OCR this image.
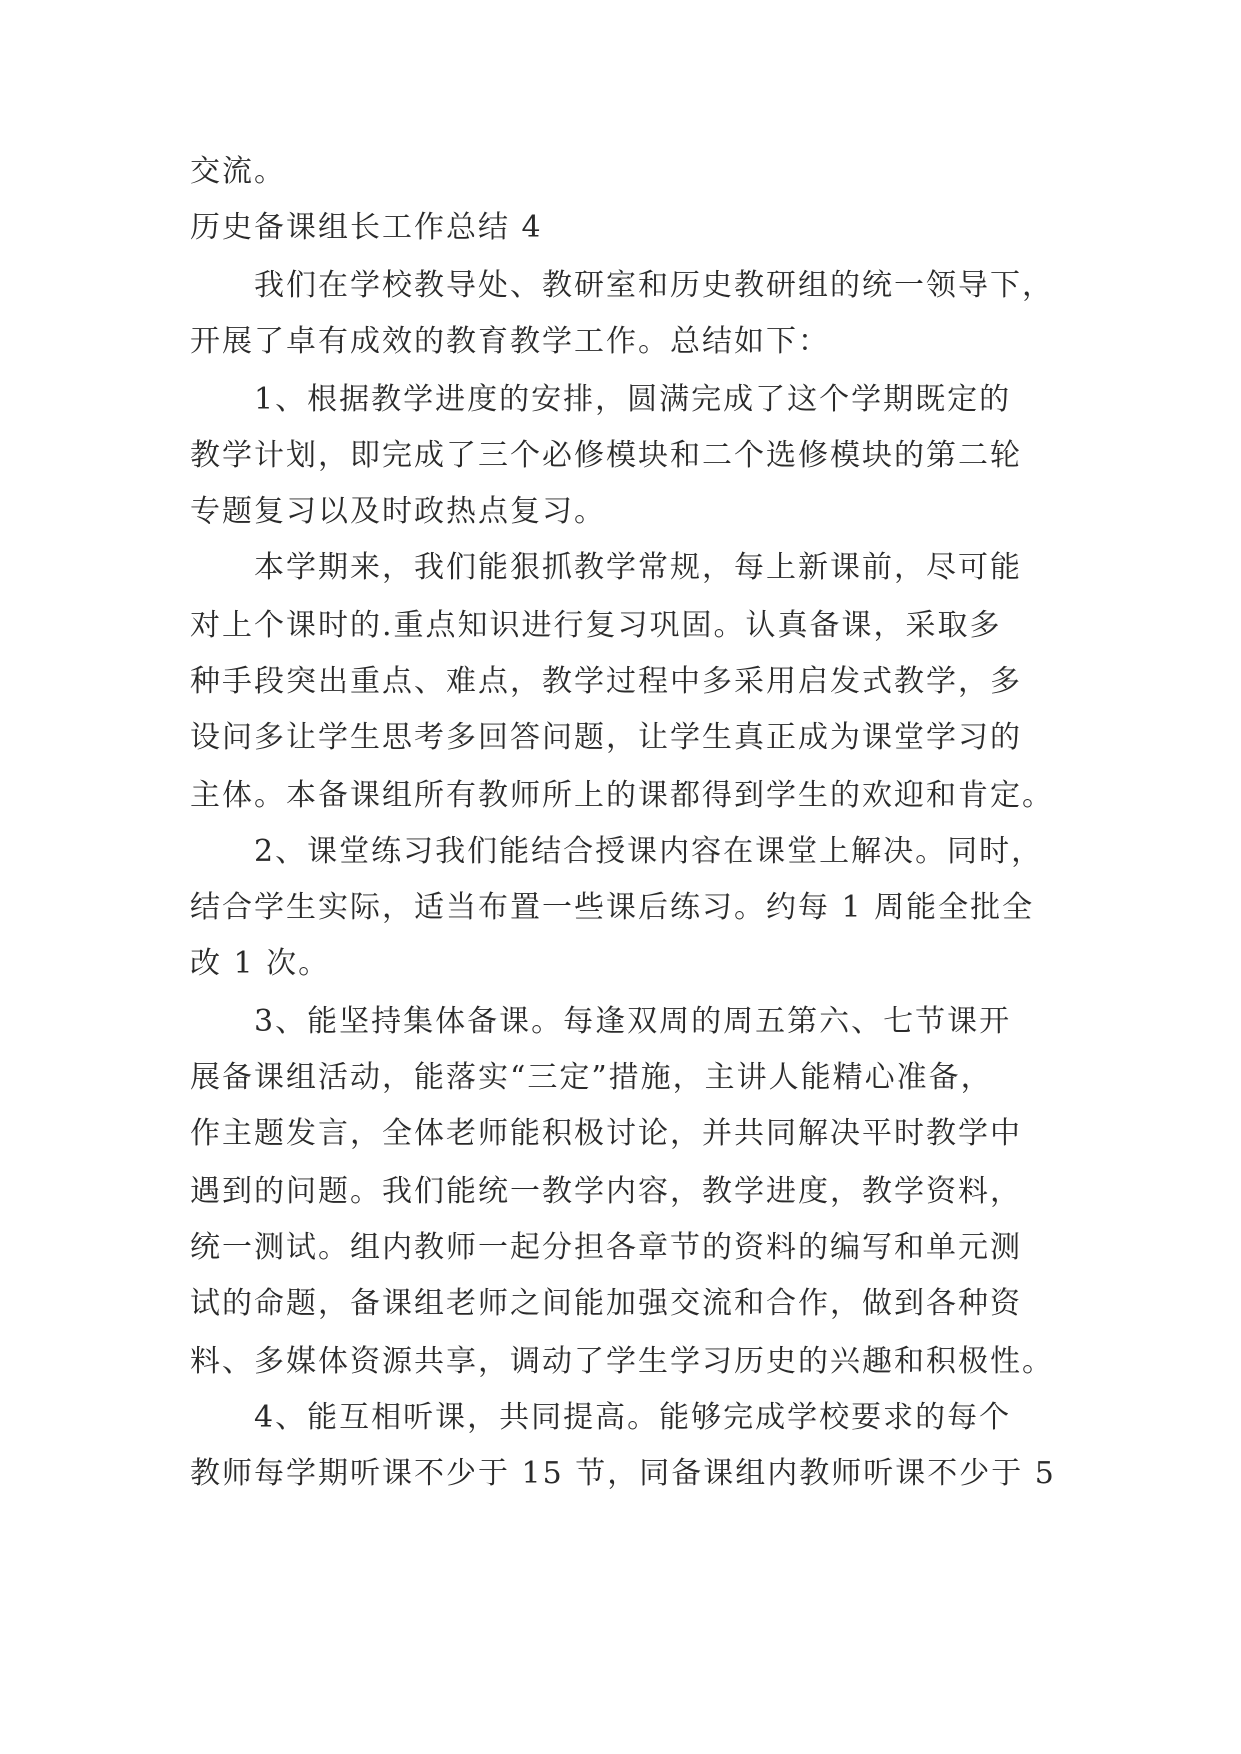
交流。
历史备课组长工作总结 4
我们在学校教导处、教研室和历史教研组的统一领导下，
开展了卓有成效的教育教学工作。总结如下：
1、根据教学进度的安排，圆满完成了这个学期既定的
教学计划，即完成了三个必修模块和二个选修模块的第二轮
专题复习以及时政热点复习。
本学期来，我们能狠抓教学常规，每上新课前，尽可能
对上个课时的.重点知识进行复习巩固。认真备课，采取多
种手段突出重点、难点，教学过程中多采用启发式教学，多
设问多让学生思考多回答问题，让学生真正成为课堂学习的
主体。本备课组所有教师所上的课都得到学生的欢迎和肯定。
2、课堂练习我们能结合授课内容在课堂上解决。同时，
结合学生实际，适当布置一些课后练习。约每 1 周能全批全
改 1 次。
3、能坚持集体备课。每逢双周的周五第六、七节课开
展备课组活动，能落实“三定”措施，主讲人能精心准备，
作主题发言，全体老师能积极讨论，并共同解决平时教学中
遇到的问题。我们能统一教学内容，教学进度，教学资料，
统一测试。组内教师一起分担各章节的资料的编写和单元测
试的命题，备课组老师之间能加强交流和合作，做到各种资
料、多媒体资源共享，调动了学生学习历史的兴趣和积极性。
4、能互相听课，共同提高。能够完成学校要求的每个
教师每学期听课不少于 15 节，同备课组内教师听课不少于 5
